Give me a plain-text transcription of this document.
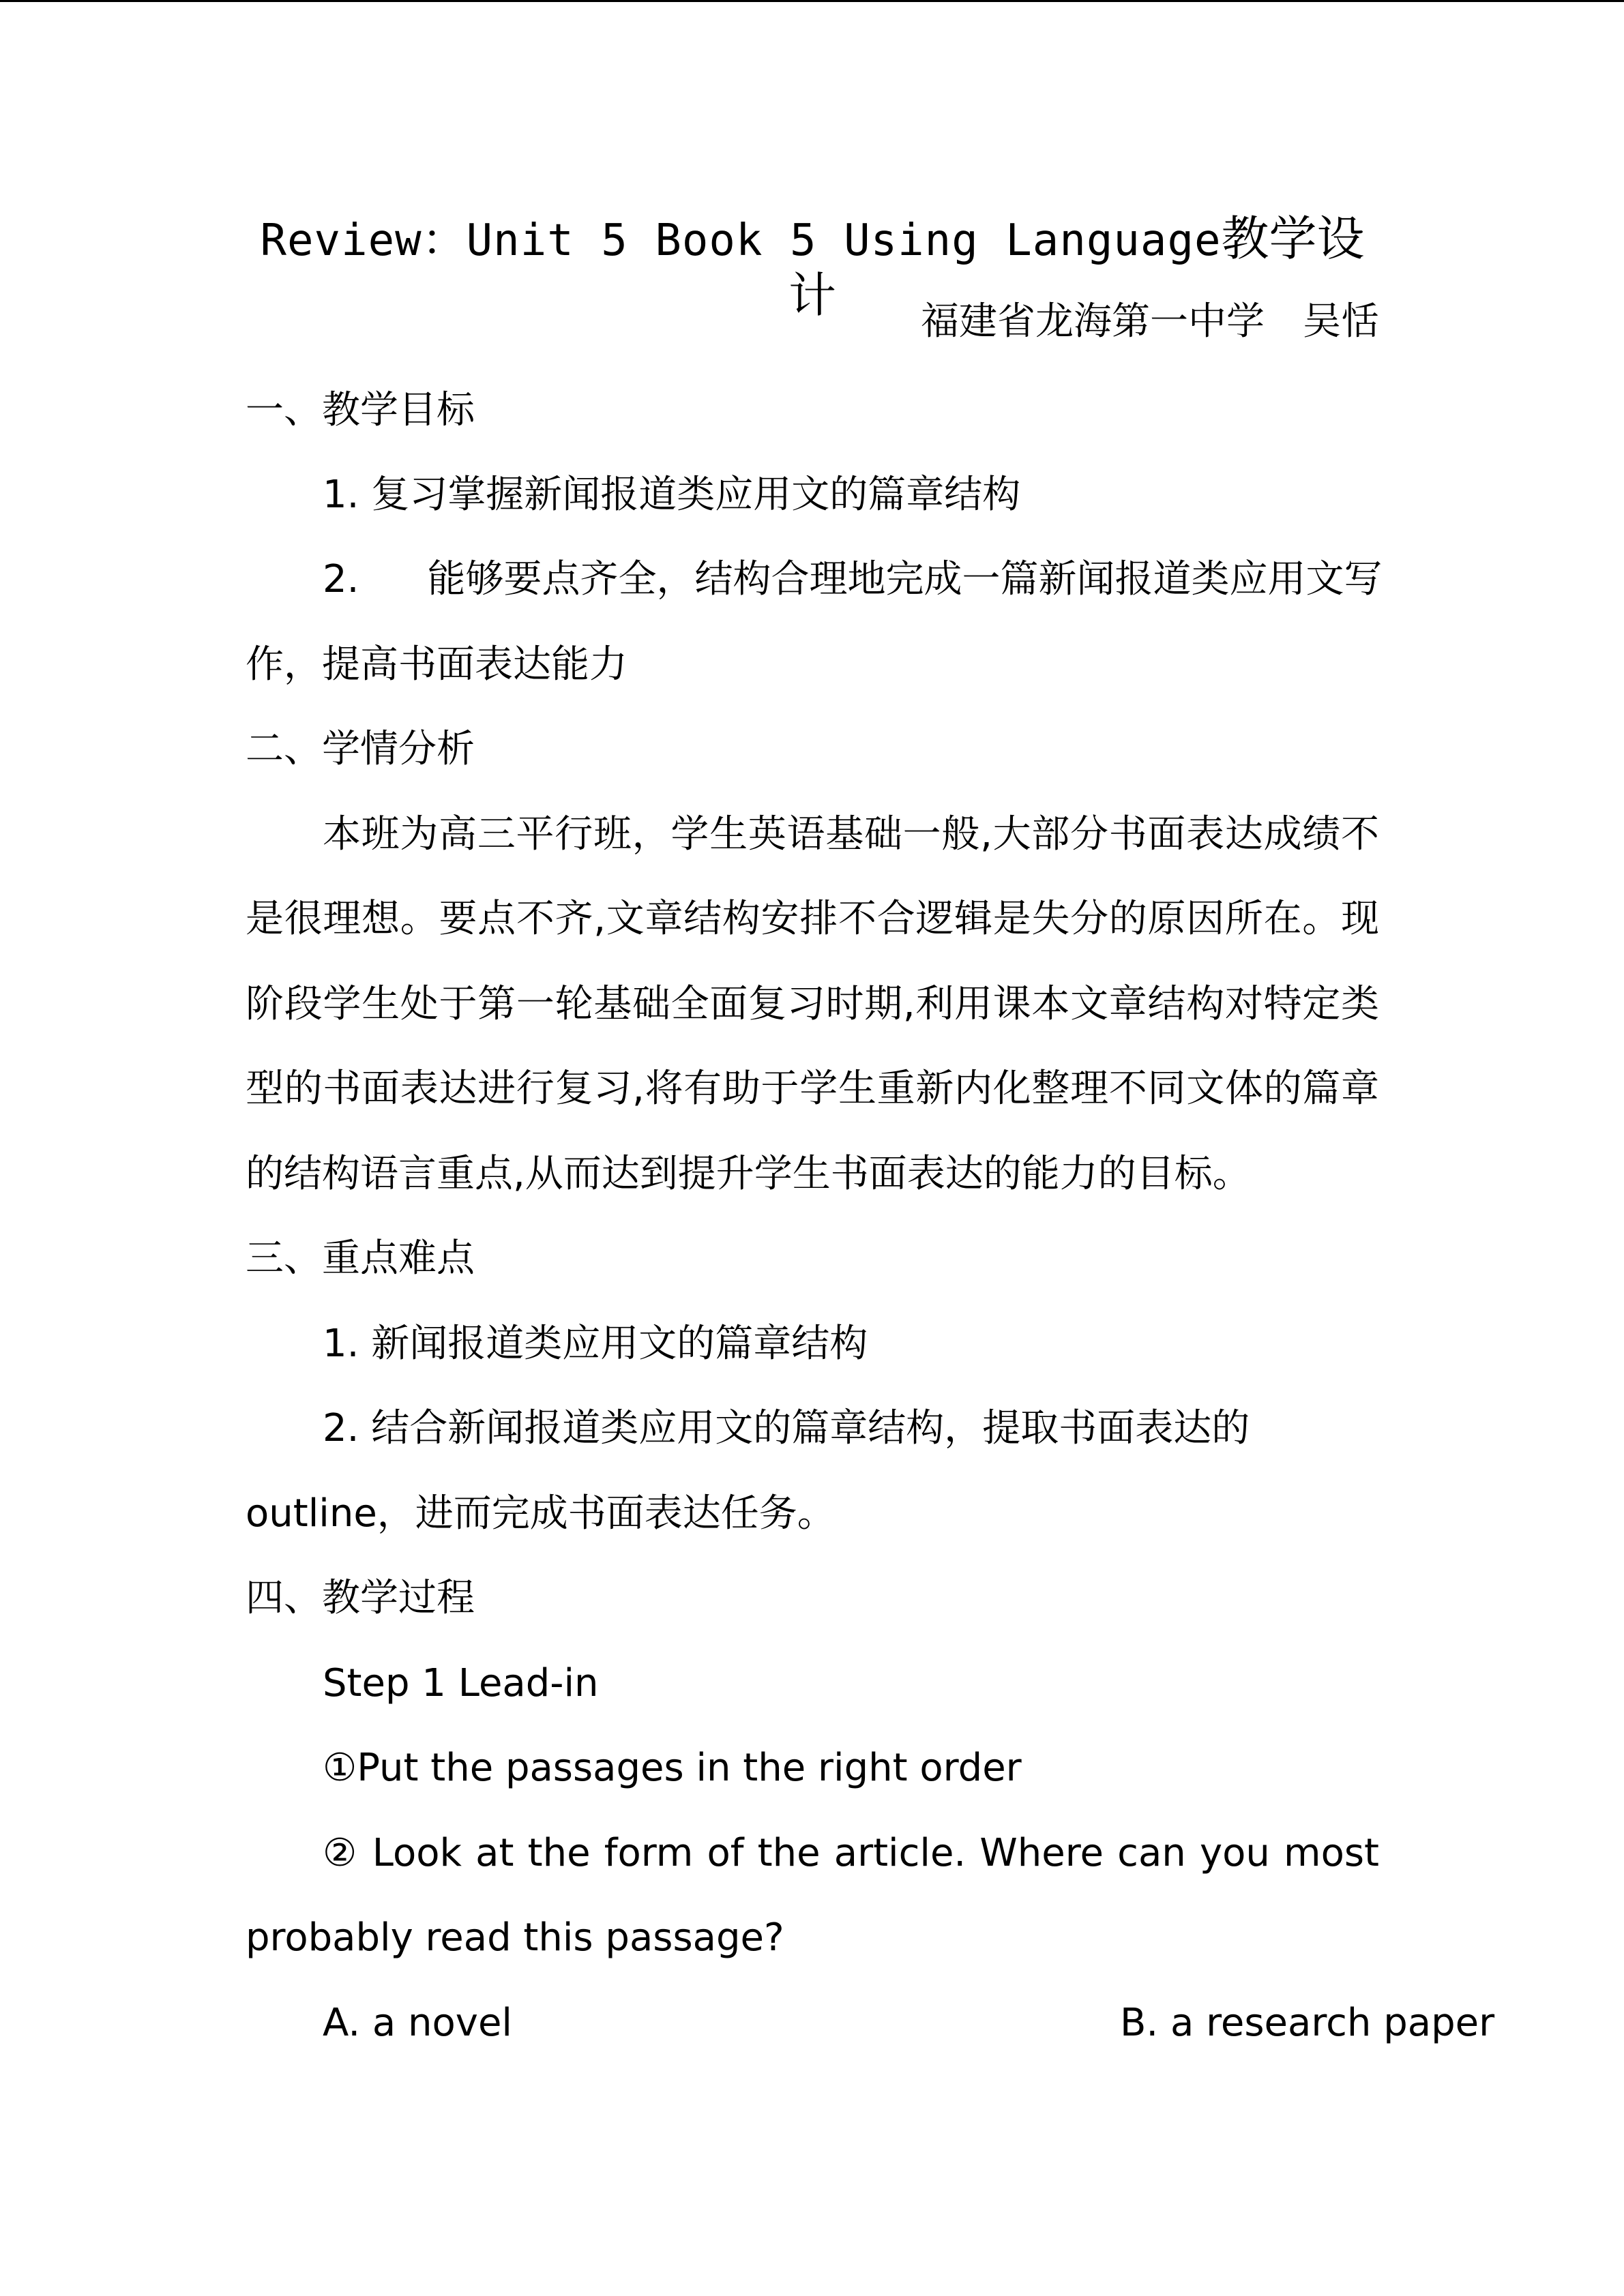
Review：Unit 5 Book 5 Using Language教学设计	福建省龙海第一中学　吴恬
一、教学目标
1. 复习掌握新闻报道类应用文的篇章结构
2. 能够要点齐全，结构合理地完成一篇新闻报道类应用文写
作，提高书面表达能力
二、学情分析
本班为高三平行班，学生英语基础一般,大部分书面表达成绩不
是很理想。要点不齐,文章结构安排不合逻辑是失分的原因所在。现
阶段学生处于第一轮基础全面复习时期,利用课本文章结构对特定类
型的书面表达进行复习,将有助于学生重新内化整理不同文体的篇章
的结构语言重点,从而达到提升学生书面表达的能力的目标。
三、重点难点
1. 新闻报道类应用文的篇章结构
2. 结合新闻报道类应用文的篇章结构，提取书面表达的
outline，进而完成书面表达任务。
四、教学过程
Step 1 Lead-in
①Put the passages in the right order
② Look at the form of the article. Where can you most
probably read this passage?
A. a novel	B. a research paper
